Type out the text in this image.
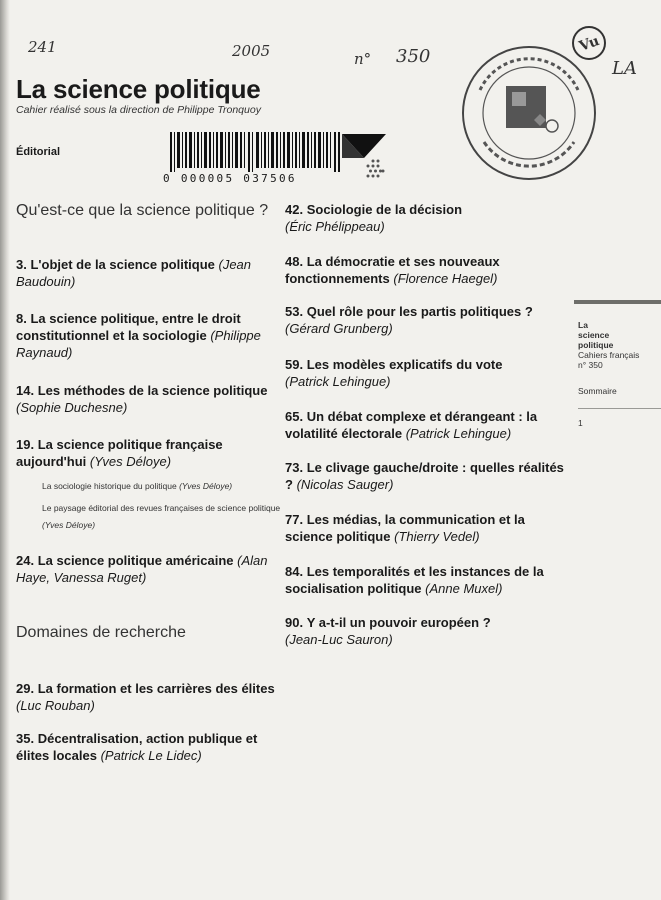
241	2005	n° 350
LA
La science politique
Cahier réalisé sous la direction de Philippe Tronquoy
Éditorial
0 000005 037506
Vu
Qu'est-ce que la science politique ?
Domaines de recherche
3. L'objet de la science politique (Jean Baudouin)
8. La science politique, entre le droit constitutionnel et la sociologie (Philippe Raynaud)
14. Les méthodes de la science politique (Sophie Duchesne)
19. La science politique française aujourd'hui (Yves Déloye)
La sociologie historique du politique (Yves Déloye)
Le paysage éditorial des revues françaises de science politique (Yves Déloye)
24. La science politique américaine (Alan Haye, Vanessa Ruget)
29. La formation et les carrières des élites (Luc Rouban)
35. Décentralisation, action publique et élites locales (Patrick Le Lidec)
42. Sociologie de la décision
(Éric Phélippeau)
48. La démocratie et ses nouveaux fonctionnements (Florence Haegel)
53. Quel rôle pour les partis politiques ? (Gérard Grunberg)
59. Les modèles explicatifs du vote
(Patrick Lehingue)
65. Un débat complexe et dérangeant : la volatilité électorale (Patrick Lehingue)
73. Le clivage gauche/droite : quelles réalités ? (Nicolas Sauger)
77. Les médias, la communication et la science politique (Thierry Vedel)
84. Les temporalités et les instances de la socialisation politique (Anne Muxel)
90. Y a-t-il un pouvoir européen ?
(Jean-Luc Sauron)
La
science
politique
Cahiers français
n° 350
Sommaire
1
